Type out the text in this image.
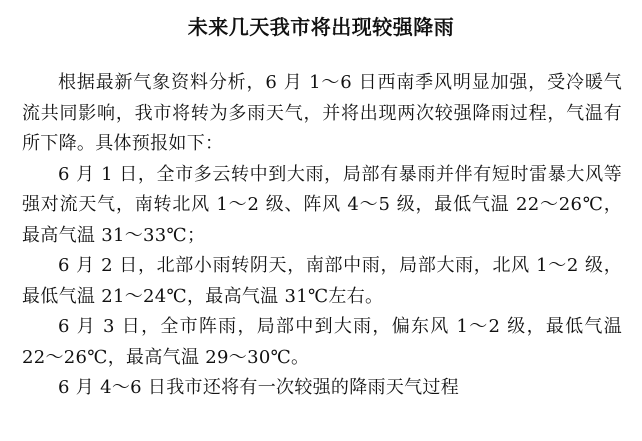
未来几天我市将出现较强降雨

根据最新气象资料分析，6 月 1～6 日西南季风明显加强，受冷暖气流共同影响，我市将转为多雨天气，并将出现两次较强降雨过程，气温有所下降。具体预报如下：

6 月 1 日，全市多云转中到大雨，局部有暴雨并伴有短时雷暴大风等强对流天气，南转北风 1～2 级、阵风 4～5 级，最低气温 22～26℃，最高气温 31～33℃；

6 月 2 日，北部小雨转阴天，南部中雨，局部大雨，北风 1～2 级，最低气温 21～24℃，最高气温 31℃左右。

6 月 3 日，全市阵雨，局部中到大雨，偏东风 1～2 级，最低气温 22～26℃，最高气温 29～30℃。

6 月 4～6 日我市还将有一次较强的降雨天气过程
